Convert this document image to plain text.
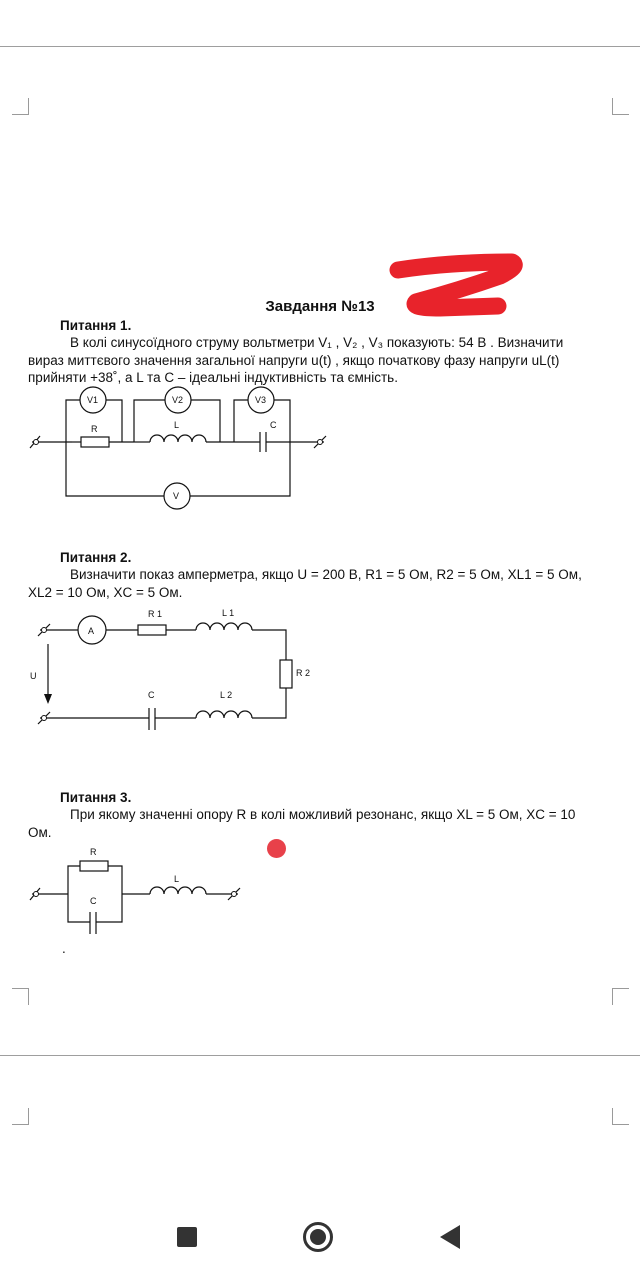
Завдання №13
Питання 1.
В колі синусоїдного струму вольтметри V₁ , V₂ , V₃ показують: 54 В . Визначити
вираз миттєвого значення загальної напруги u(t) , якщо початкову фазу напруги uL(t)
прийняти +38˚, а L та C – ідеальні індуктивність та ємність.
R	L	C
V1	V2	V3
V
Питання 2.
Визначити показ амперметра, якщо U = 200 В, R1 = 5 Ом, R2 = 5 Ом, XL1 = 5 Ом,
XL2 = 10 Ом, XC = 5 Ом.
A
R 1	L 1
R 2
L 2
C
U
Питання 3.
При якому значенні опору R в колі можливий резонанс, якщо XL = 5 Ом, XC = 10
Ом.
R
C
L
.
